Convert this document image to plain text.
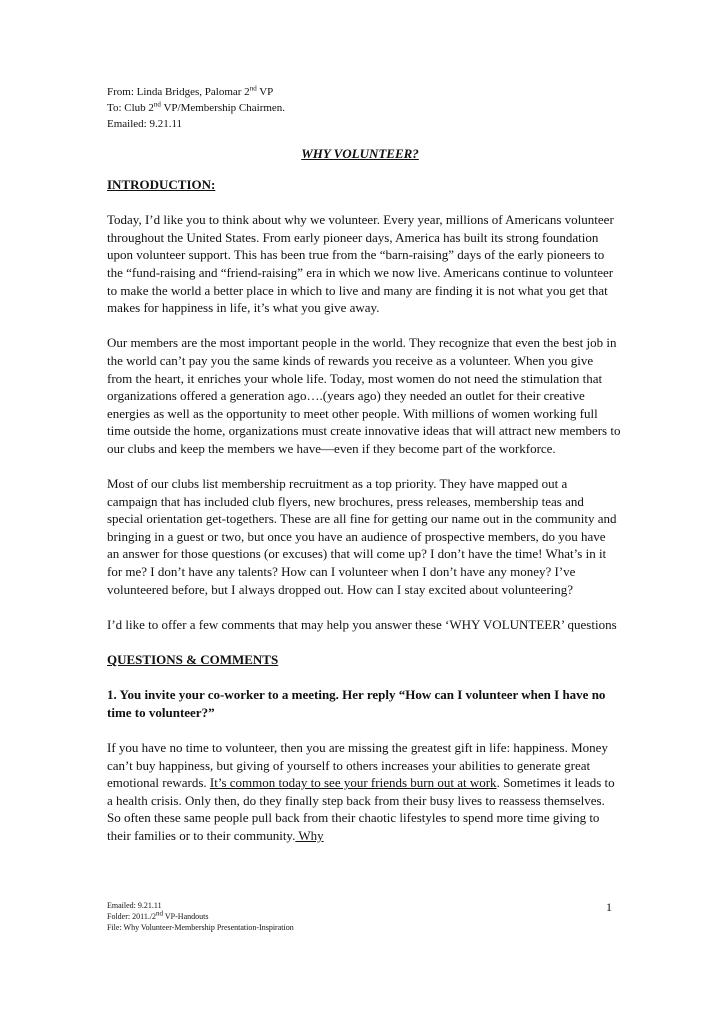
From: Linda Bridges, Palomar 2nd VP
To: Club 2nd VP/Membership Chairmen.
Emailed: 9.21.11
WHY VOLUNTEER?

INTRODUCTION:

Today, I’d like you to think about why we volunteer. Every year, millions of Americans volunteer throughout the United States. From early pioneer days, America has built its strong foundation upon volunteer support. This has been true from the “barn-raising” days of the early pioneers to the “fund-raising and “friend-raising” era in which we now live. Americans continue to volunteer to make the world a better place in which to live and many are finding it is not what you get that makes for happiness in life, it’s what you give away.

Our members are the most important people in the world. They recognize that even the best job in the world can’t pay you the same kinds of rewards you receive as a volunteer. When you give from the heart, it enriches your whole life. Today, most women do not need the stimulation that organizations offered a generation ago….(years ago) they needed an outlet for their creative energies as well as the opportunity to meet other people. With millions of women working full time outside the home, organizations must create innovative ideas that will attract new members to our clubs and keep the members we have—even if they become part of the workforce.

Most of our clubs list membership recruitment as a top priority. They have mapped out a campaign that has included club flyers, new brochures, press releases, membership teas and special orientation get-togethers. These are all fine for getting our name out in the community and bringing in a guest or two, but once you have an audience of prospective members, do you have an answer for those questions (or excuses) that will come up? I don’t have the time! What’s in it for me? I don’t have any talents? How can I volunteer when I don’t have any money? I’ve volunteered before, but I always dropped out. How can I stay excited about volunteering?

I’d like to offer a few comments that may help you answer these ‘WHY VOLUNTEER’ questions

QUESTIONS & COMMENTS

1. You invite your co-worker to a meeting. Her reply “How can I volunteer when I have no time to volunteer?”

If you have no time to volunteer, then you are missing the greatest gift in life: happiness. Money can’t buy happiness, but giving of yourself to others increases your abilities to generate great emotional rewards. It’s common today to see your friends burn out at work. Sometimes it leads to a health crisis. Only then, do they finally step back from their busy lives to reassess themselves. So often these same people pull back from their chaotic lifestyles to spend more time giving to their families or to their community. Why

Emailed: 9.21.11
Folder: 2011./2nd VP-Handouts
File: Why Volunteer-Membership Presentation-Inspiration
1
